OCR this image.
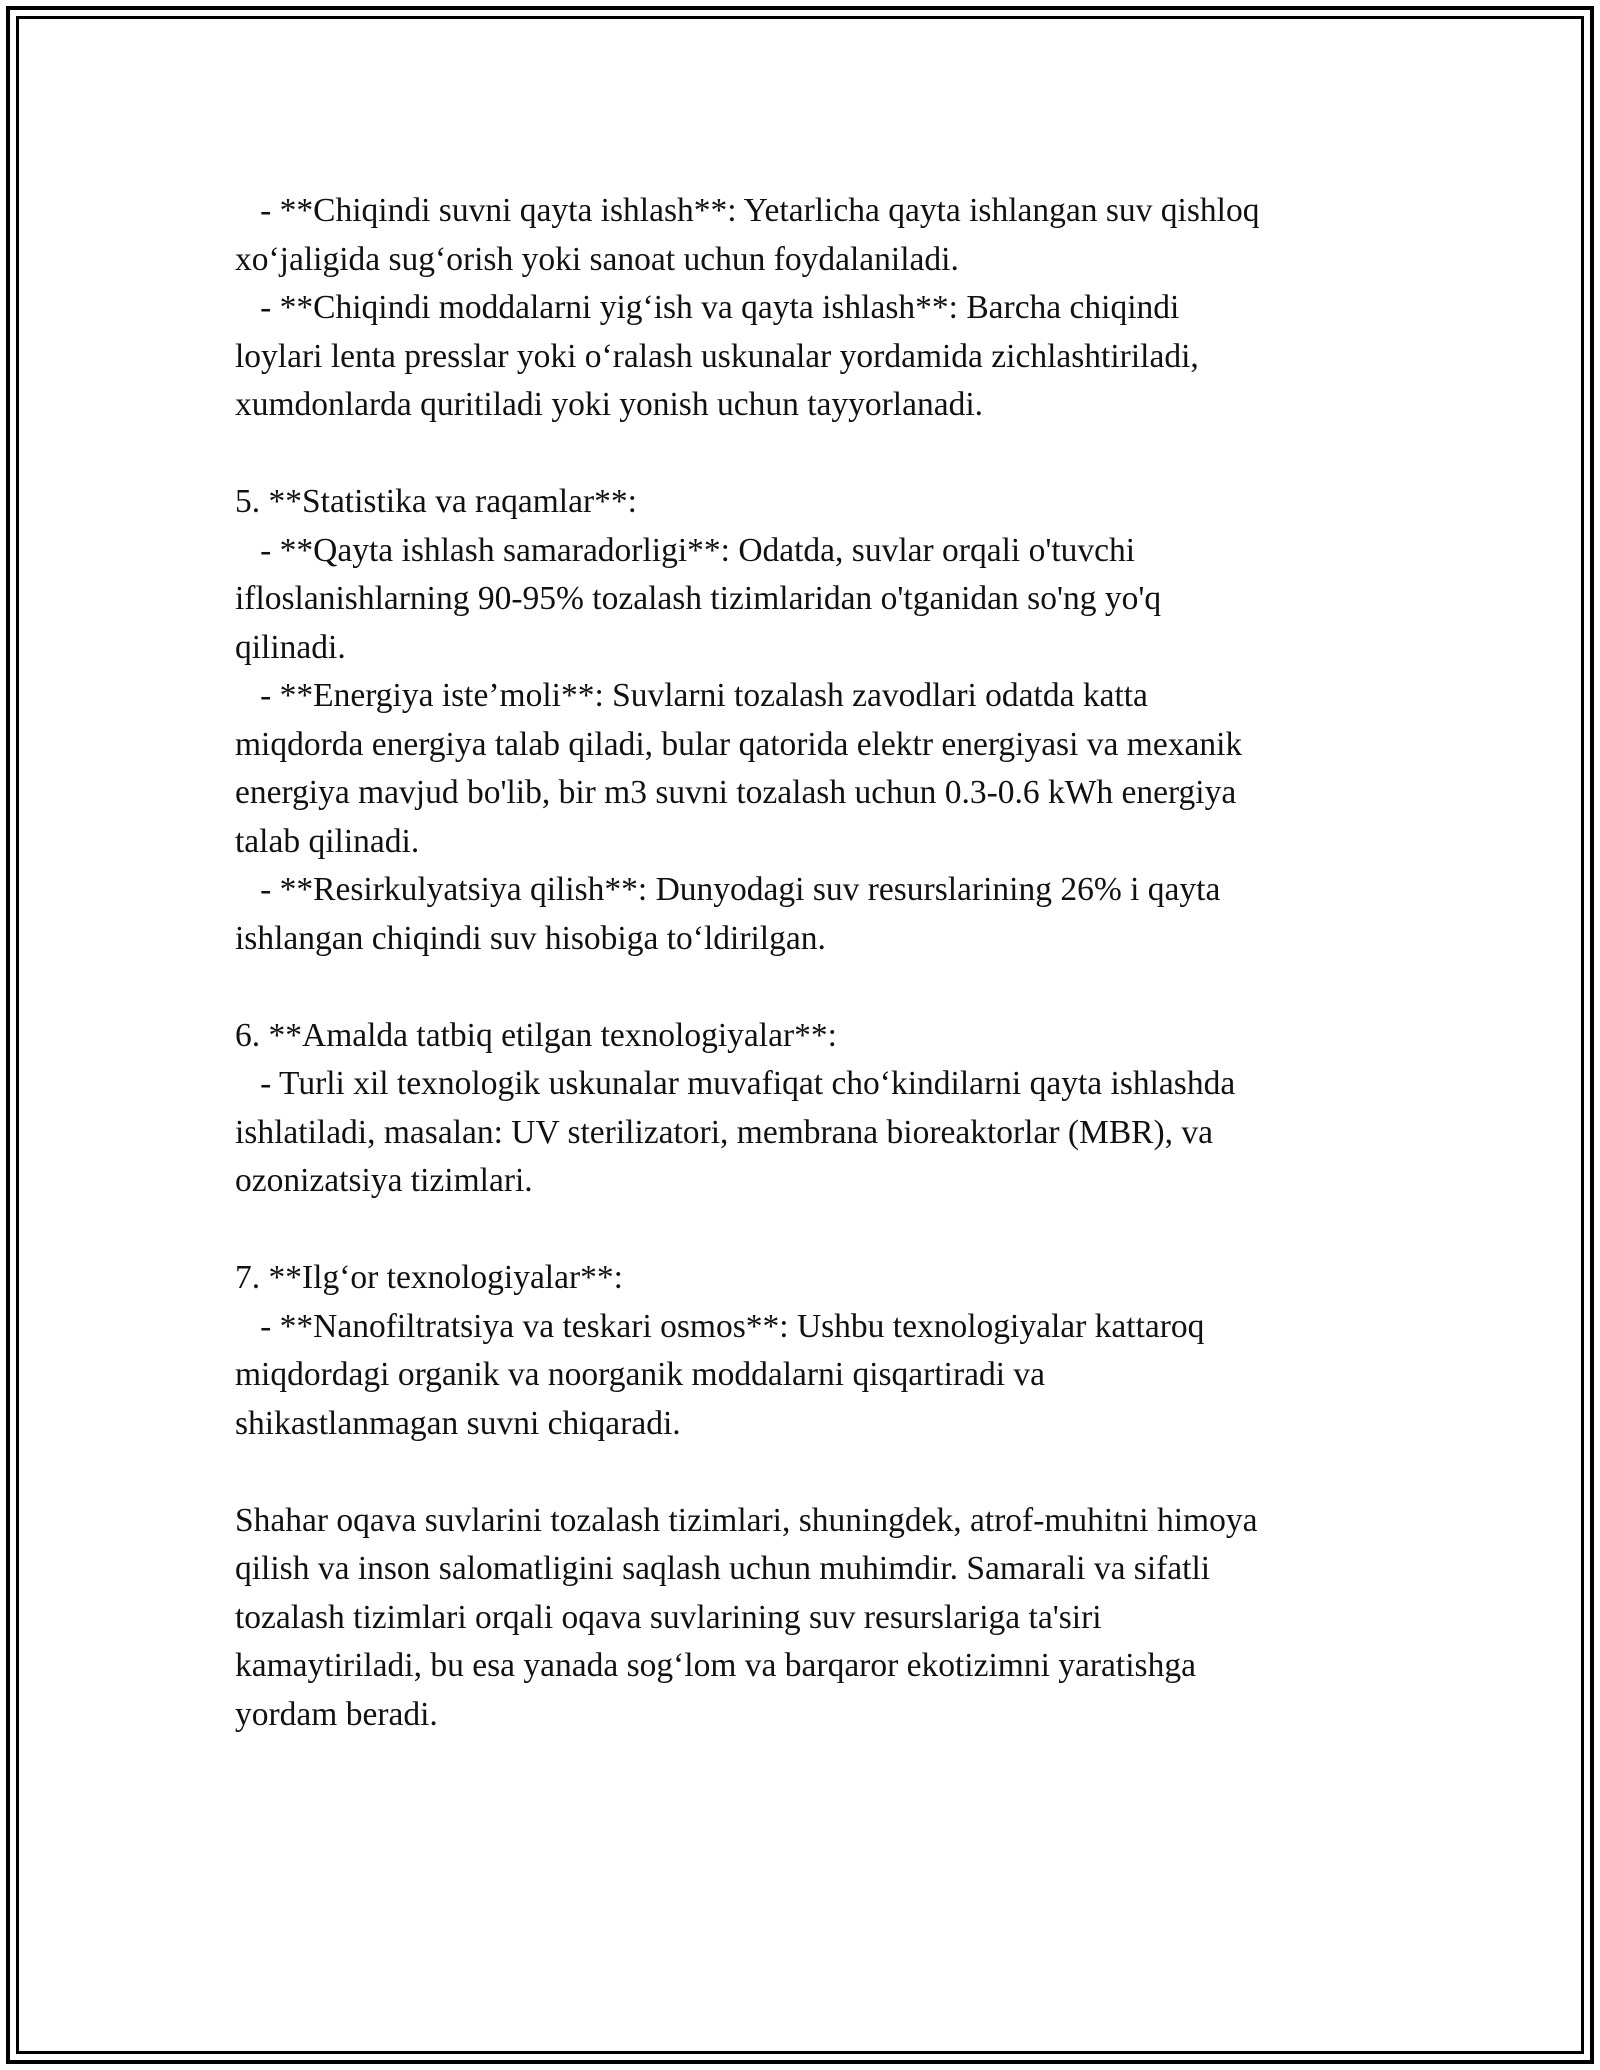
- **Chiqindi suvni qayta ishlash**: Yetarlicha qayta ishlangan suv qishloq
xo‘jaligida sug‘orish yoki sanoat uchun foydalaniladi.
- **Chiqindi moddalarni yig‘ish va qayta ishlash**: Barcha chiqindi
loylari lenta presslar yoki o‘ralash uskunalar yordamida zichlashtiriladi,
xumdonlarda quritiladi yoki yonish uchun tayyorlanadi.
5. **Statistika va raqamlar**:
- **Qayta ishlash samaradorligi**: Odatda, suvlar orqali o'tuvchi
ifloslanishlarning 90-95% tozalash tizimlaridan o'tganidan so'ng yo'q
qilinadi.
- **Energiya iste’moli**: Suvlarni tozalash zavodlari odatda katta
miqdorda energiya talab qiladi, bular qatorida elektr energiyasi va mexanik
energiya mavjud bo'lib, bir m3 suvni tozalash uchun 0.3-0.6 kWh energiya
talab qilinadi.
- **Resirkulyatsiya qilish**: Dunyodagi suv resurslarining 26% i qayta
ishlangan chiqindi suv hisobiga to‘ldirilgan.
6. **Amalda tatbiq etilgan texnologiyalar**:
- Turli xil texnologik uskunalar muvafiqat cho‘kindilarni qayta ishlashda
ishlatiladi, masalan: UV sterilizatori, membrana bioreaktorlar (MBR), va
ozonizatsiya tizimlari.
7. **Ilg‘or texnologiyalar**:
- **Nanofiltratsiya va teskari osmos**: Ushbu texnologiyalar kattaroq
miqdordagi organik va noorganik moddalarni qisqartiradi va
shikastlanmagan suvni chiqaradi.
Shahar oqava suvlarini tozalash tizimlari, shuningdek, atrof-muhitni himoya
qilish va inson salomatligini saqlash uchun muhimdir. Samarali va sifatli
tozalash tizimlari orqali oqava suvlarining suv resurslariga ta'siri
kamaytiriladi, bu esa yanada sog‘lom va barqaror ekotizimni yaratishga
yordam beradi.
